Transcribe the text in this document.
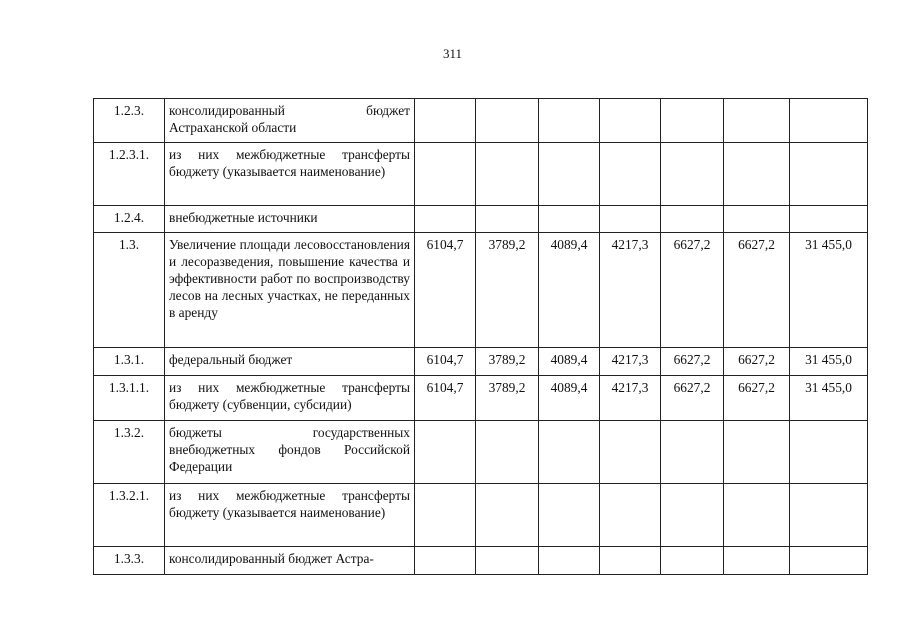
311
1.2.3.	консолидированный бюджет Астраханской области							
1.2.3.1.	из них межбюджетные трансферты бюджету (указывается наименование)							
1.2.4.	внебюджетные источники							
1.3.	Увеличение площади лесовосстановления и лесоразведения, повышение качества и эффективности работ по воспроизводству лесов на лесных участках, не переданных в аренду	6104,7	3789,2	4089,4	4217,3	6627,2	6627,2	31 455,0
1.3.1.	федеральный бюджет	6104,7	3789,2	4089,4	4217,3	6627,2	6627,2	31 455,0
1.3.1.1.	из них межбюджетные трансферты бюджету (субвенции, субсидии)	6104,7	3789,2	4089,4	4217,3	6627,2	6627,2	31 455,0
1.3.2.	бюджеты государственных внебюджетных фондов Российской Федерации							
1.3.2.1.	из них межбюджетные трансферты бюджету (указывается наименование)							
1.3.3.	консолидированный бюджет Астра-							
